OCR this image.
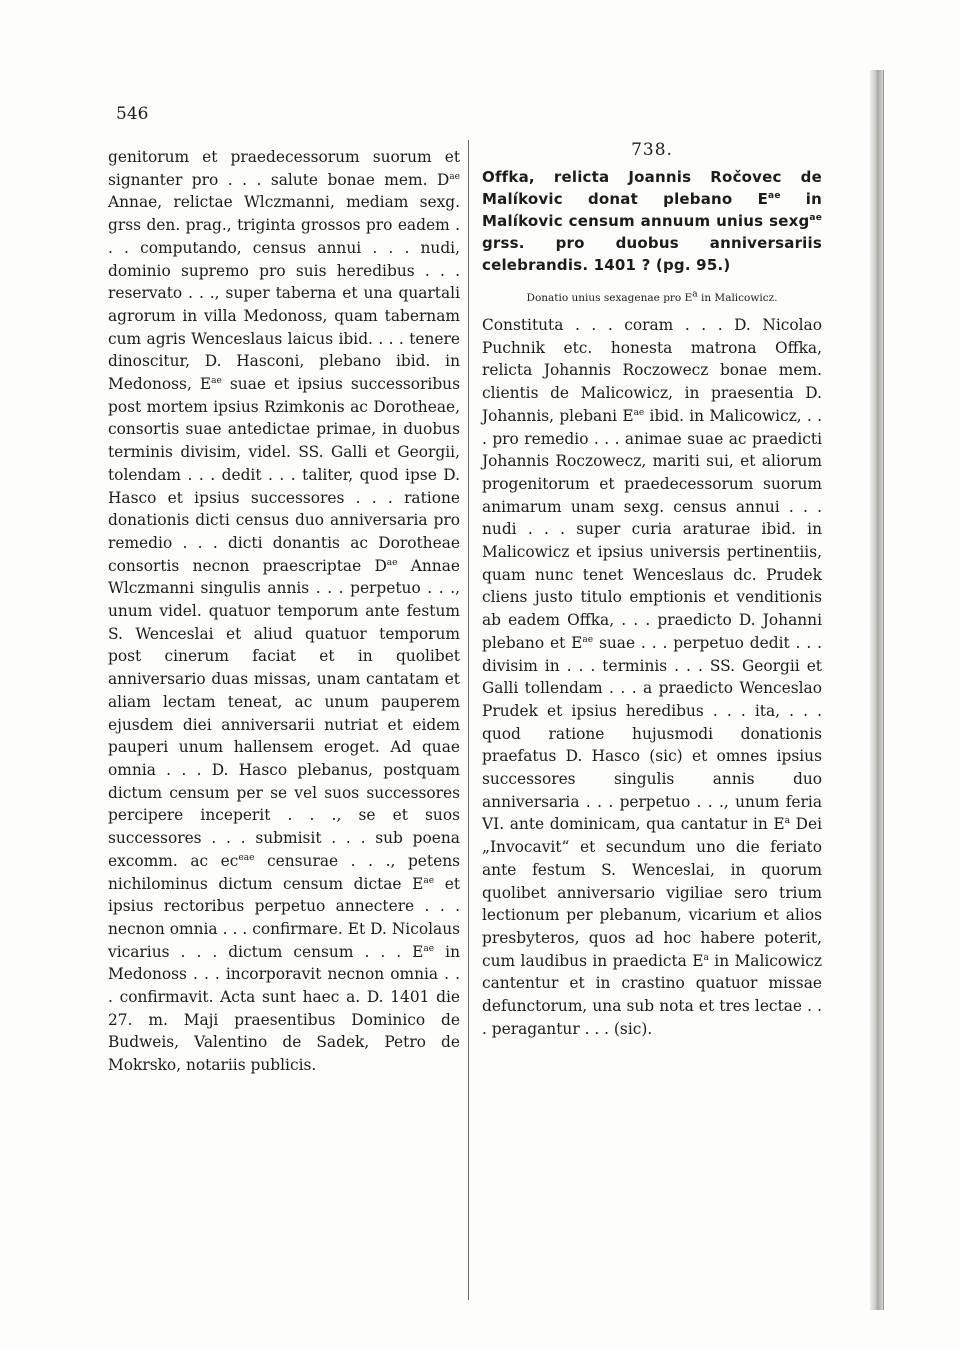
546

genitorum et praedecessorum suorum et signanter pro . . . salute bonae mem. $D^{ae}$ Annae, relictae Wlczmanni, mediam sexg. grss den. prag., triginta grossos pro eadem . . . computando, census annui . . . nudi, dominio supremo pro suis heredibus . . . reservato . . ., super taberna et una quartali agrorum in villa Medonoss, quam tabernam cum agris Wenceslaus laicus ibid. . . . tenere dinoscitur, D. Hasconi, plebano ibid. in Medonoss, $E^{ae}$ suae et ipsius successoribus post mortem ipsius Rzimkonis ac Dorotheae, consortis suae antedictae primae, in duobus terminis divisim, videl. SS. Galli et Georgii, tolendam . . . dedit . . . taliter, quod ipse D. Hasco et ipsius successores . . . ratione donationis dicti census duo anniversaria pro remedio . . . dicti donantis ac Dorotheae consortis necnon praescriptae $D^{ae}$ Annae Wlczmanni singulis annis . . . perpetuo . . ., unum videl. quatuor temporum ante festum S. Wenceslai et aliud quatuor temporum post cinerum faciat et in quolibet anniversario duas missas, unam cantatam et aliam lectam teneat, ac unum pauperem ejusdem diei anniversarii nutriat et eidem pauperi unum hallensem eroget. Ad quae omnia . . . D. Hasco plebanus, postquam dictum censum per se vel suos successores percipere inceperit . . ., se et suos successores . . . submisit . . . sub poena excomm. ac $ec^{eae}$ censurae . . ., petens nichilominus dictum censum dictae $E^{ae}$ et ipsius rectoribus perpetuo annectere . . . necnon omnia . . . confirmare. Et D. Nicolaus vicarius . . . dictum censum . . . $E^{ae}$ in Medonoss . . . incorporavit necnon omnia . . . confirmavit. Acta sunt haec a. D. 1401 die 27. m. Maji praesentibus Dominico de Budweis, Valentino de Sadek, Petro de Mokrsko, notariis publicis.

738.
Offka, relicta Joannis Ročovec de Malíkovic donat plebano $E^{ae}$ in Malíkovic censum annuum unius sexg$^{ae}$ grss. pro duobus anniversariis celebrandis. 1401 ? (pg. 95.)
Donatio unius sexagenae pro $E^a$ in Malicowicz.
Constituta . . . coram . . . D. Nicolao Puchnik etc. honesta matrona Offka, relicta Johannis Roczowecz bonae mem. clientis de Malicowicz, in praesentia D. Johannis, plebani $E^{ae}$ ibid. in Malicowicz, . . . pro remedio . . . animae suae ac praedicti Johannis Roczowecz, mariti sui, et aliorum progenitorum et praedecessorum suorum animarum unam sexg. census annui . . . nudi . . . super curia araturae ibid. in Malicowicz et ipsius universis pertinentiis, quam nunc tenet Wenceslaus dc. Prudek cliens justo titulo emptionis et venditionis ab eadem Offka, . . . praedicto D. Johanni plebano et $E^{ae}$ suae . . . perpetuo dedit . . . divisim in . . . terminis . . . SS. Georgii et Galli tollendam . . . a praedicto Wenceslao Prudek et ipsius heredibus . . . ita, . . . quod ratione hujusmodi donationis praefatus D. Hasco (sic) et omnes ipsius successores singulis annis duo anniversaria . . . perpetuo . . ., unum feria VI. ante dominicam, qua cantatur in $E^a$ Dei „Invocavit“ et secundum uno die feriato ante festum S. Wenceslai, in quorum quolibet anniversario vigiliae sero trium lectionum per plebanum, vicarium et alios presbyteros, quos ad hoc habere poterit, cum laudibus in praedicta $E^a$ in Malicowicz cantentur et in crastino quatuor missae defunctorum, una sub nota et tres lectae . . . peragantur . . . (sic).
